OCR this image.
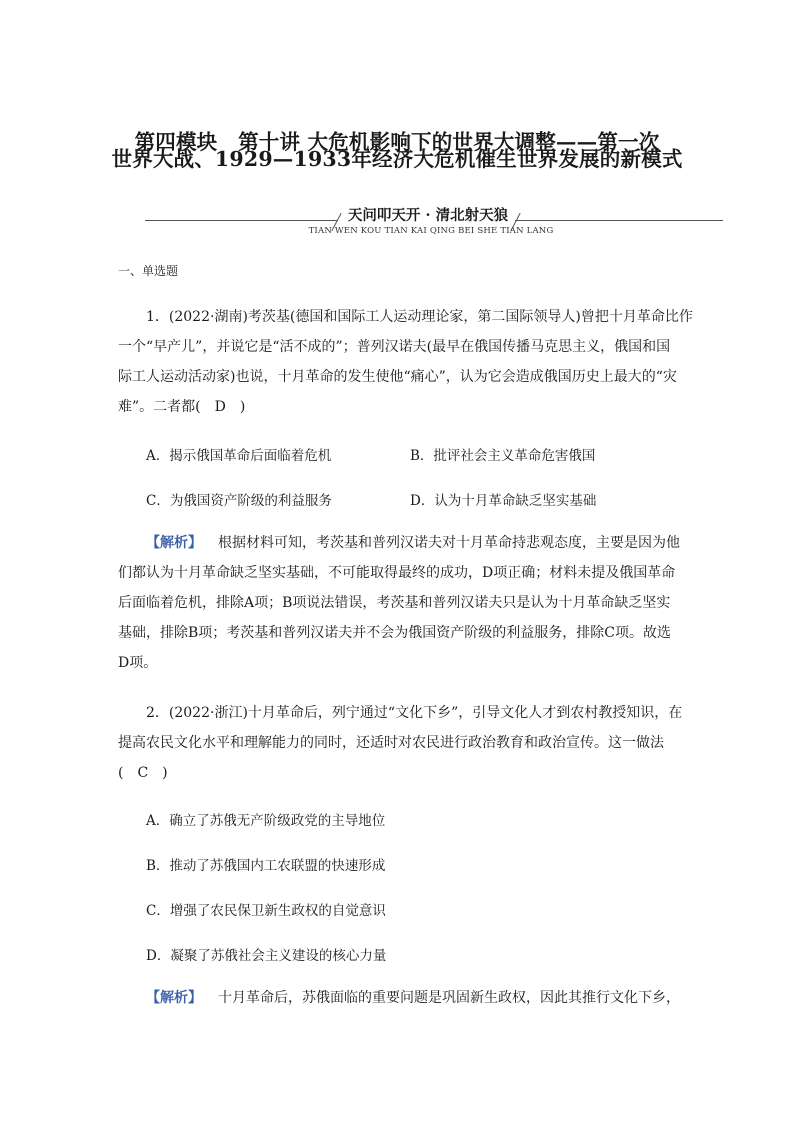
第四模块　第十讲 大危机影响下的世界大调整——第一次
世界大战、1929—1933年经济大危机催生世界发展的新模式
天问叩天开 · 清北射天狼
TIAN WEN KOU TIAN KAI QING BEI SHE TIAN LANG
一、单选题
1．(2022·湖南)考茨基(德国和国际工人运动理论家，第二国际领导人)曾把十月革命比作
一个“早产儿”，并说它是“活不成的”；普列汉诺夫(最早在俄国传播马克思主义，俄国和国
际工人运动活动家)也说，十月革命的发生使他“痛心”，认为它会造成俄国历史上最大的“灾
难”。二者都(　D　)
A．揭示俄国革命后面临着危机	B．批评社会主义革命危害俄国
C．为俄国资产阶级的利益服务	D．认为十月革命缺乏坚实基础
【解析】 根据材料可知，考茨基和普列汉诺夫对十月革命持悲观态度，主要是因为他
们都认为十月革命缺乏坚实基础，不可能取得最终的成功，D项正确；材料未提及俄国革命
后面临着危机，排除A项；B项说法错误，考茨基和普列汉诺夫只是认为十月革命缺乏坚实
基础，排除B项；考茨基和普列汉诺夫并不会为俄国资产阶级的利益服务，排除C项。故选
D项。
2．(2022·浙江)十月革命后，列宁通过“文化下乡”，引导文化人才到农村教授知识，在
提高农民文化水平和理解能力的同时，还适时对农民进行政治教育和政治宣传。这一做法
(　C　)
A．确立了苏俄无产阶级政党的主导地位
B．推动了苏俄国内工农联盟的快速形成
C．增强了农民保卫新生政权的自觉意识
D．凝聚了苏俄社会主义建设的核心力量
【解析】 十月革命后，苏俄面临的重要问题是巩固新生政权，因此其推行文化下乡，
